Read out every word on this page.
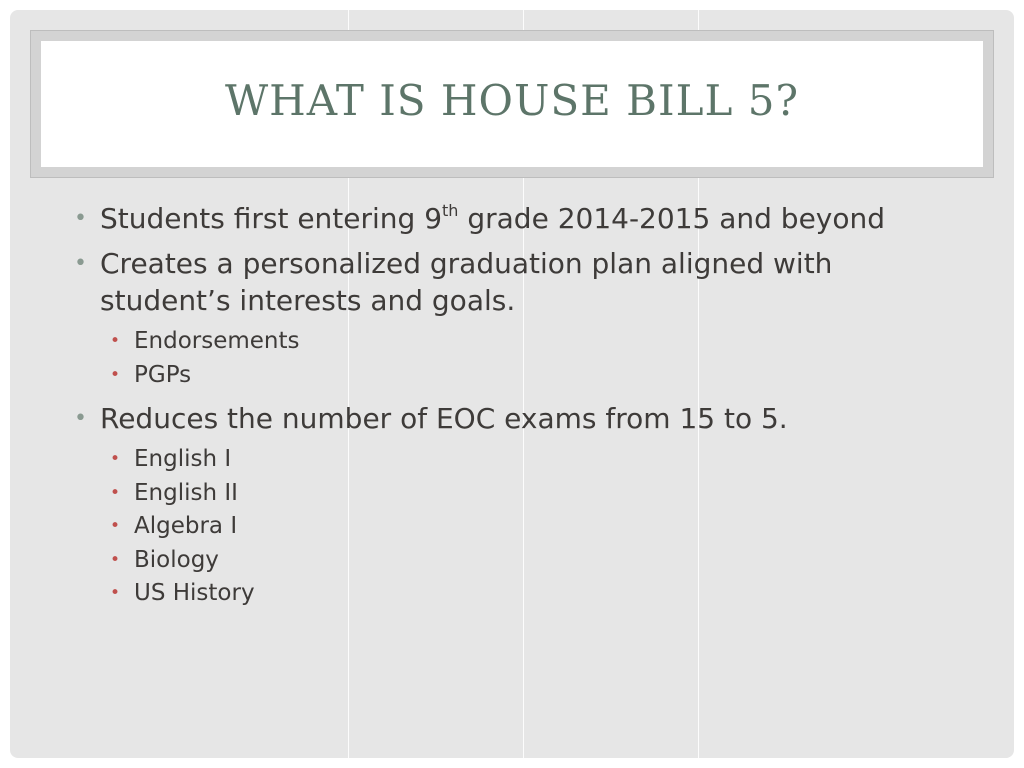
WHAT IS HOUSE BILL 5?
• Students first entering 9th grade 2014-2015 and beyond
• Creates a personalized graduation plan aligned with student’s interests and goals.
• Endorsements
• PGPs
• Reduces the number of EOC exams from 15 to 5.
• English I
• English II
• Algebra I
• Biology
• US History
